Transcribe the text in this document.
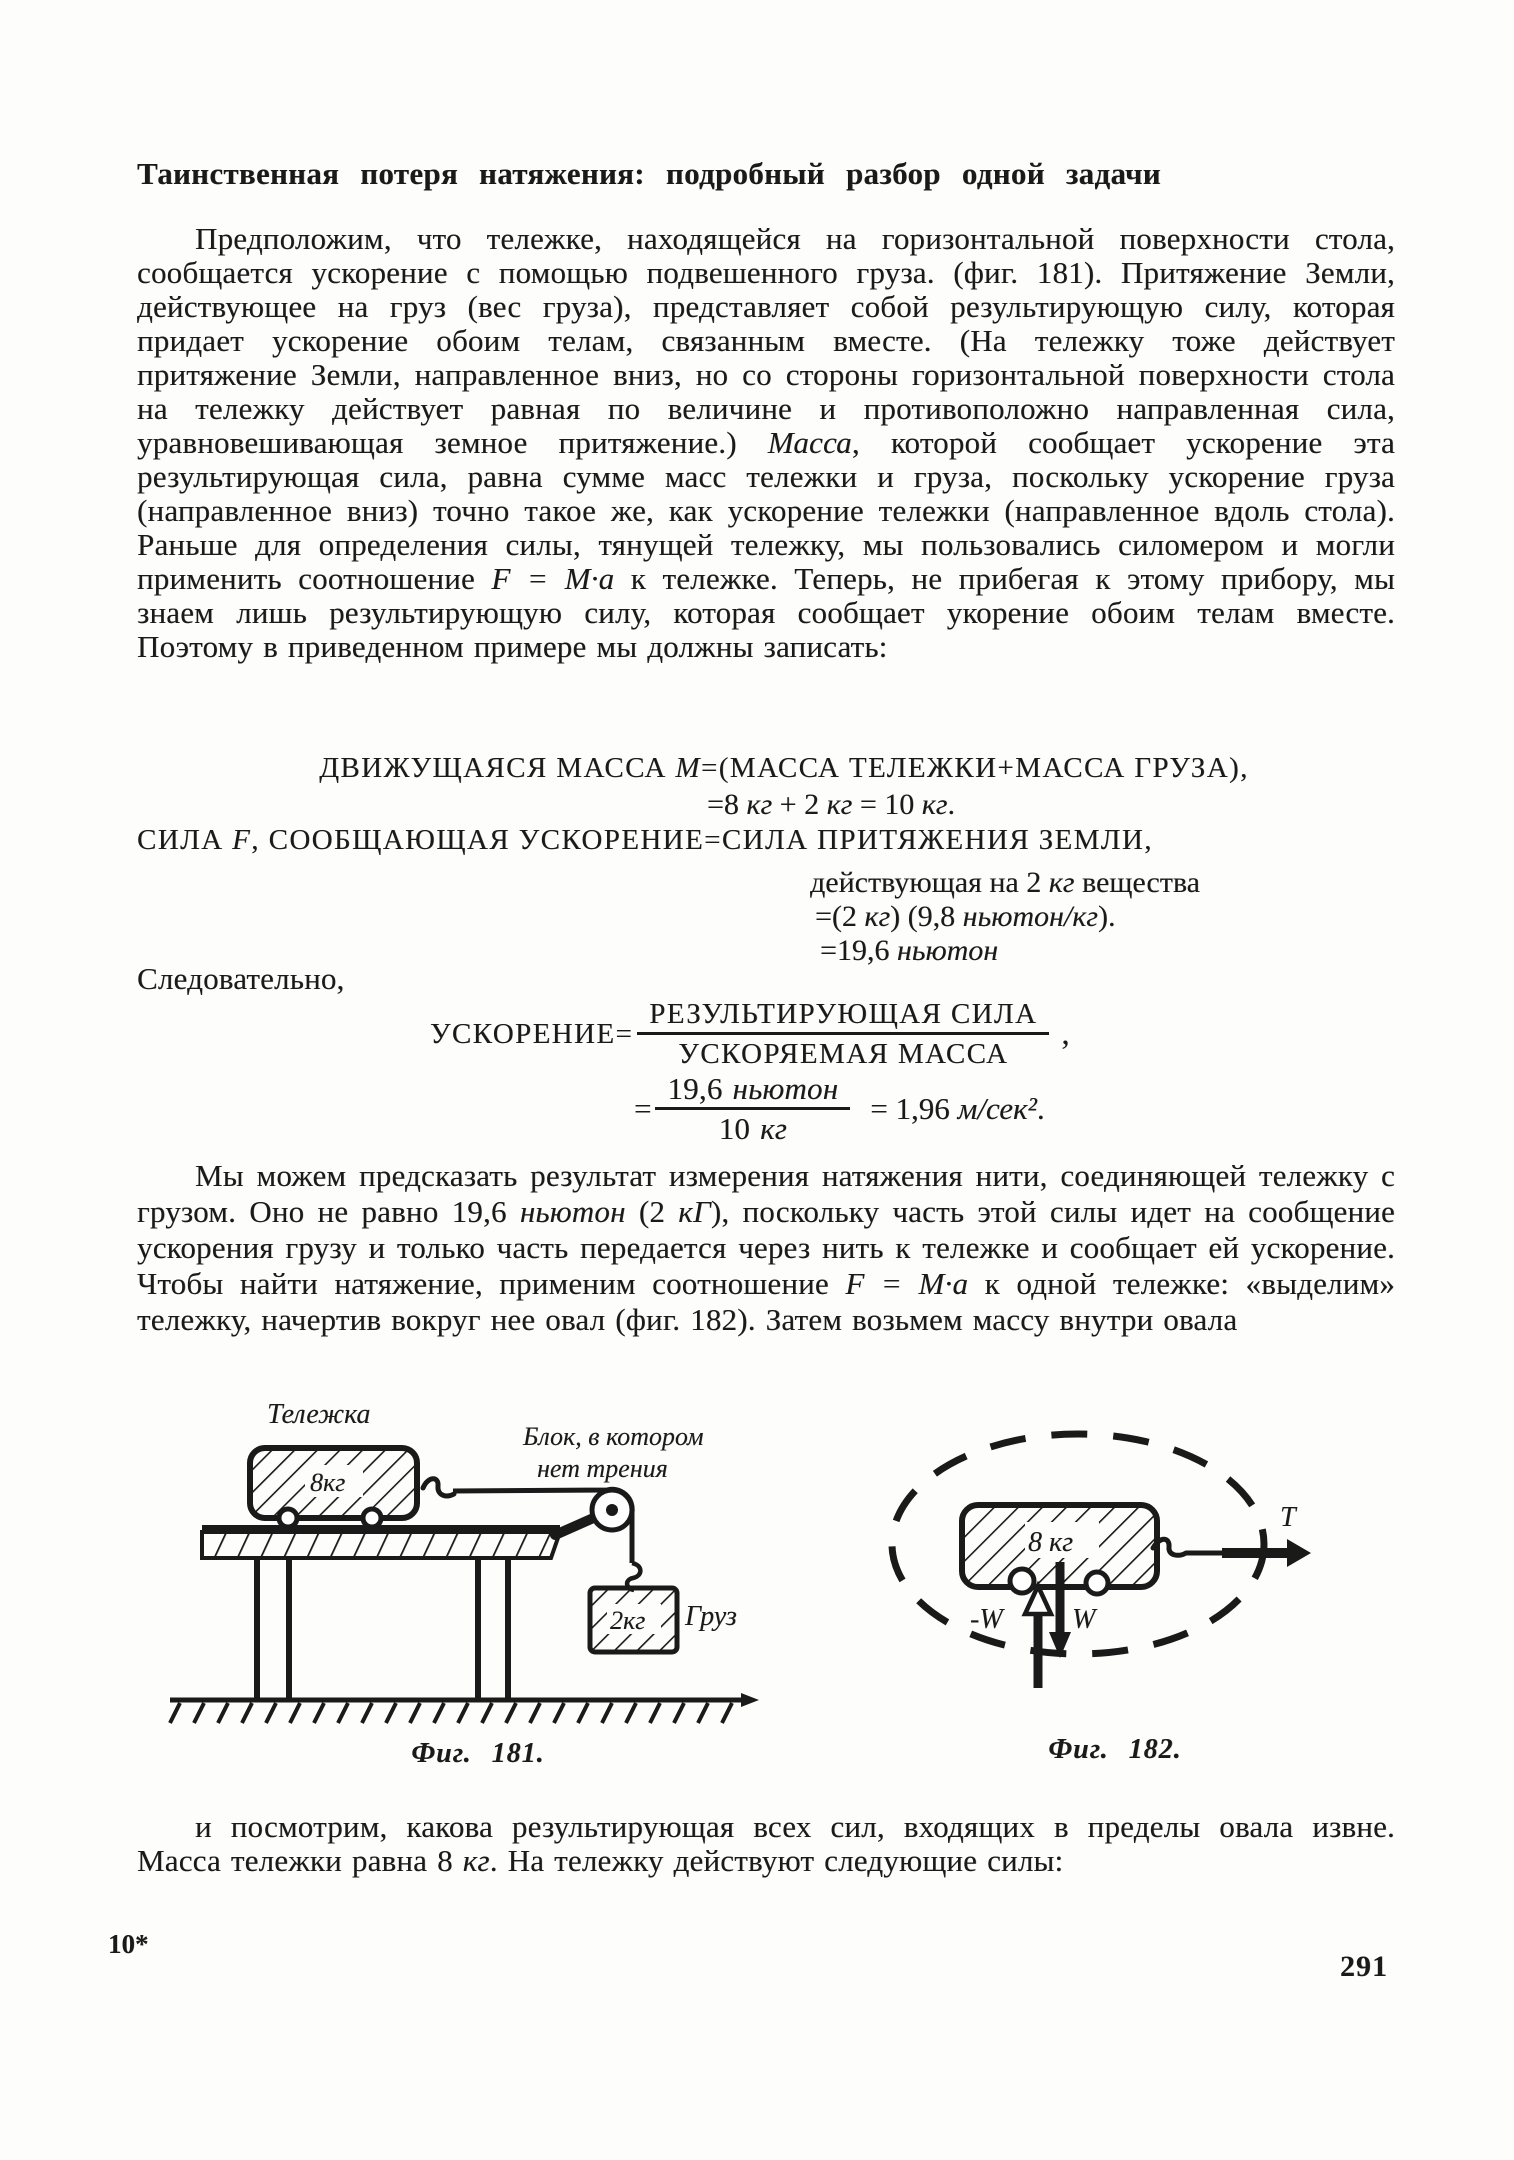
Таинственная потеря натяжения: подробный разбор одной задачи

Предположим, что тележке, находящейся на горизонтальной поверхности стола, сообщается ускорение с помощью подвешенного груза. (фиг. 181). Притяжение Земли, действующее на груз (вес груза), представляет собой результирующую силу, которая придает ускорение обоим телам, связанным вместе. (На тележку тоже действует притяжение Земли, направленное вниз, но со стороны горизонтальной поверхности стола на тележку действует равная по величине и противоположно направленная сила, уравновешивающая земное притяжение.) Масса, которой сообщает ускорение эта результирующая сила, равна сумме масс тележки и груза, поскольку ускорение груза (направленное вниз) точно такое же, как ускорение тележки (направленное вдоль стола). Раньше для определения силы, тянущей тележку, мы пользовались силомером и могли применить соотношение F = M·a к тележке. Теперь, не прибегая к этому прибору, мы знаем лишь результирующую силу, которая сообщает укорение обоим телам вместе. Поэтому в приведенном примере мы должны записать:

ДВИЖУЩАЯСЯ МАССА M=(МАССА ТЕЛЕЖКИ+МАССА ГРУЗА),
=8 кг + 2 кг = 10 кг.
СИЛА F, СООБЩАЮЩАЯ УСКОРЕНИЕ=СИЛА ПРИТЯЖЕНИЯ ЗЕМЛИ,
действующая на 2 кг вещества
=(2 кг) (9,8 ньютон/кг).
=19,6 ньютон
Следовательно,
УСКОРЕНИЕ= $\frac{\text{РЕЗУЛЬТИРУЮЩАЯ СИЛА}}{\text{УСКОРЯЕМАЯ МАССА}}$ ,
= $\frac{\text{19,6 ньютон}}{10 кг} = 1,96$ м/сек².

Мы можем предсказать результат измерения натяжения нити, соединяющей тележку с грузом. Оно не равно 19,6 ньютон (2 кГ), поскольку часть этой силы идет на сообщение ускорения грузу и только часть передается через нить к тележке и сообщает ей ускорение. Чтобы найти натяжение, применим соотношение F = M·a к одной тележке: «выделим» тележку, начертив вокруг нее овал (фиг. 182). Затем возьмем массу внутри овала

Тележка
Блок, в котором
нет трения
8кг
2кг Груз
8 кг
T
-W W
Фиг. 181.	Фиг. 182.

и посмотрим, какова результирующая всех сил, входящих в пределы овала извне. Масса тележки равна 8 кг. На тележку действуют следующие силы:

10*
291
